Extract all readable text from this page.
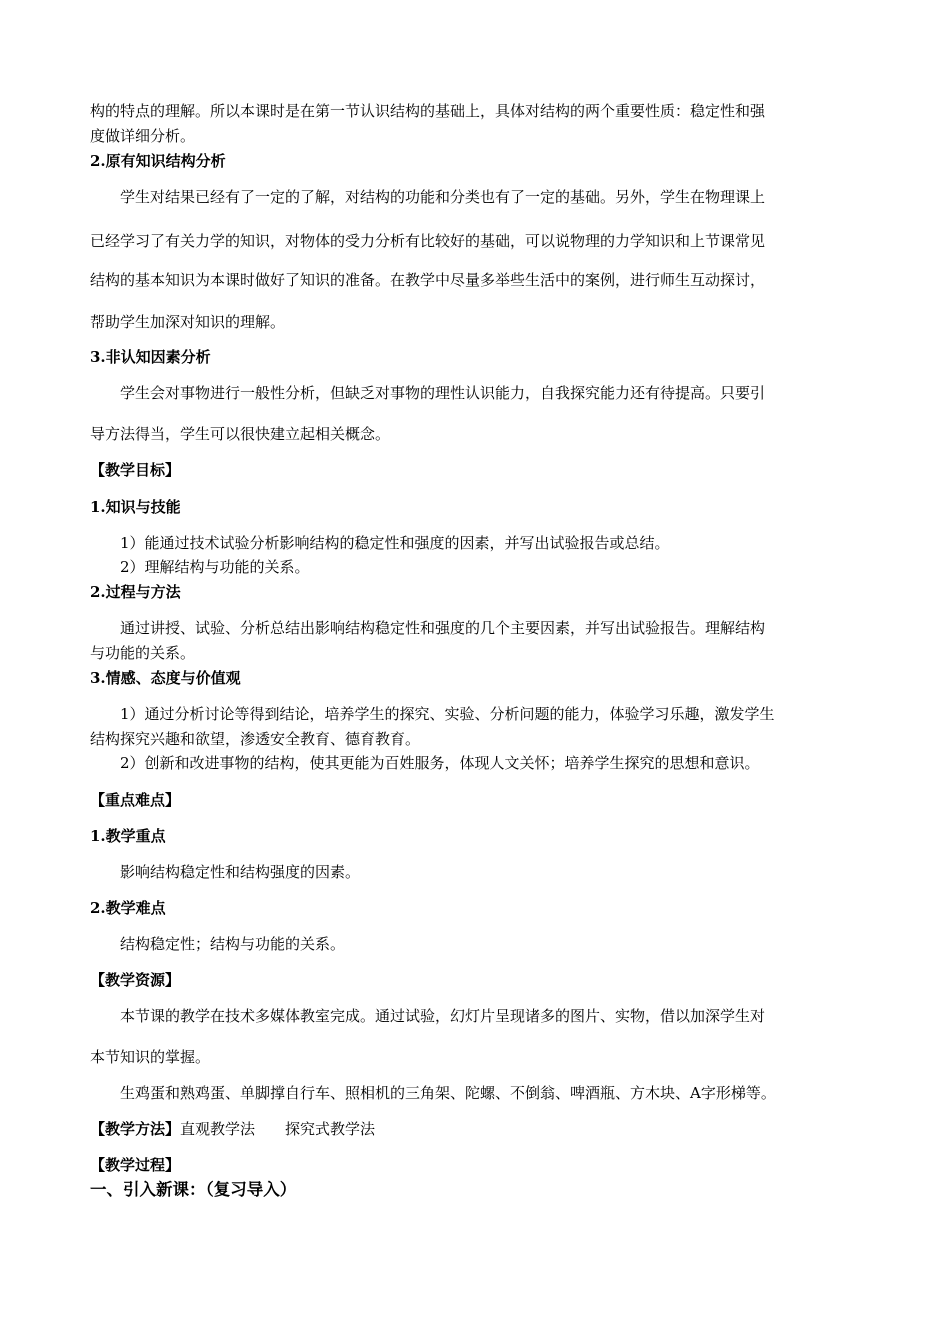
构的特点的理解。所以本课时是在第一节认识结构的基础上，具体对结构的两个重要性质：稳定性和强
度做详细分析。
2.原有知识结构分析
学生对结果已经有了一定的了解，对结构的功能和分类也有了一定的基础。另外，学生在物理课上
已经学习了有关力学的知识，对物体的受力分析有比较好的基础，可以说物理的力学知识和上节课常见
结构的基本知识为本课时做好了知识的准备。在教学中尽量多举些生活中的案例，进行师生互动探讨，
帮助学生加深对知识的理解。
3.非认知因素分析
学生会对事物进行一般性分析，但缺乏对事物的理性认识能力，自我探究能力还有待提高。只要引
导方法得当，学生可以很快建立起相关概念。
【教学目标】
1.知识与技能
1）能通过技术试验分析影响结构的稳定性和强度的因素，并写出试验报告或总结。
2）理解结构与功能的关系。
2.过程与方法
通过讲授、试验、分析总结出影响结构稳定性和强度的几个主要因素，并写出试验报告。理解结构
与功能的关系。
3.情感、态度与价值观
1）通过分析讨论等得到结论，培养学生的探究、实验、分析问题的能力，体验学习乐趣，激发学生
结构探究兴趣和欲望，渗透安全教育、德育教育。
2）创新和改进事物的结构，使其更能为百姓服务，体现人文关怀；培养学生探究的思想和意识。
【重点难点】
1.教学重点
影响结构稳定性和结构强度的因素。
2.教学难点
结构稳定性；结构与功能的关系。
【教学资源】
本节课的教学在技术多媒体教室完成。通过试验，幻灯片呈现诸多的图片、实物，借以加深学生对
本节知识的掌握。
生鸡蛋和熟鸡蛋、单脚撑自行车、照相机的三角架、陀螺、不倒翁、啤酒瓶、方木块、A字形梯等。
【教学方法】直观教学法　　探究式教学法
【教学过程】
一、引入新课：（复习导入）
